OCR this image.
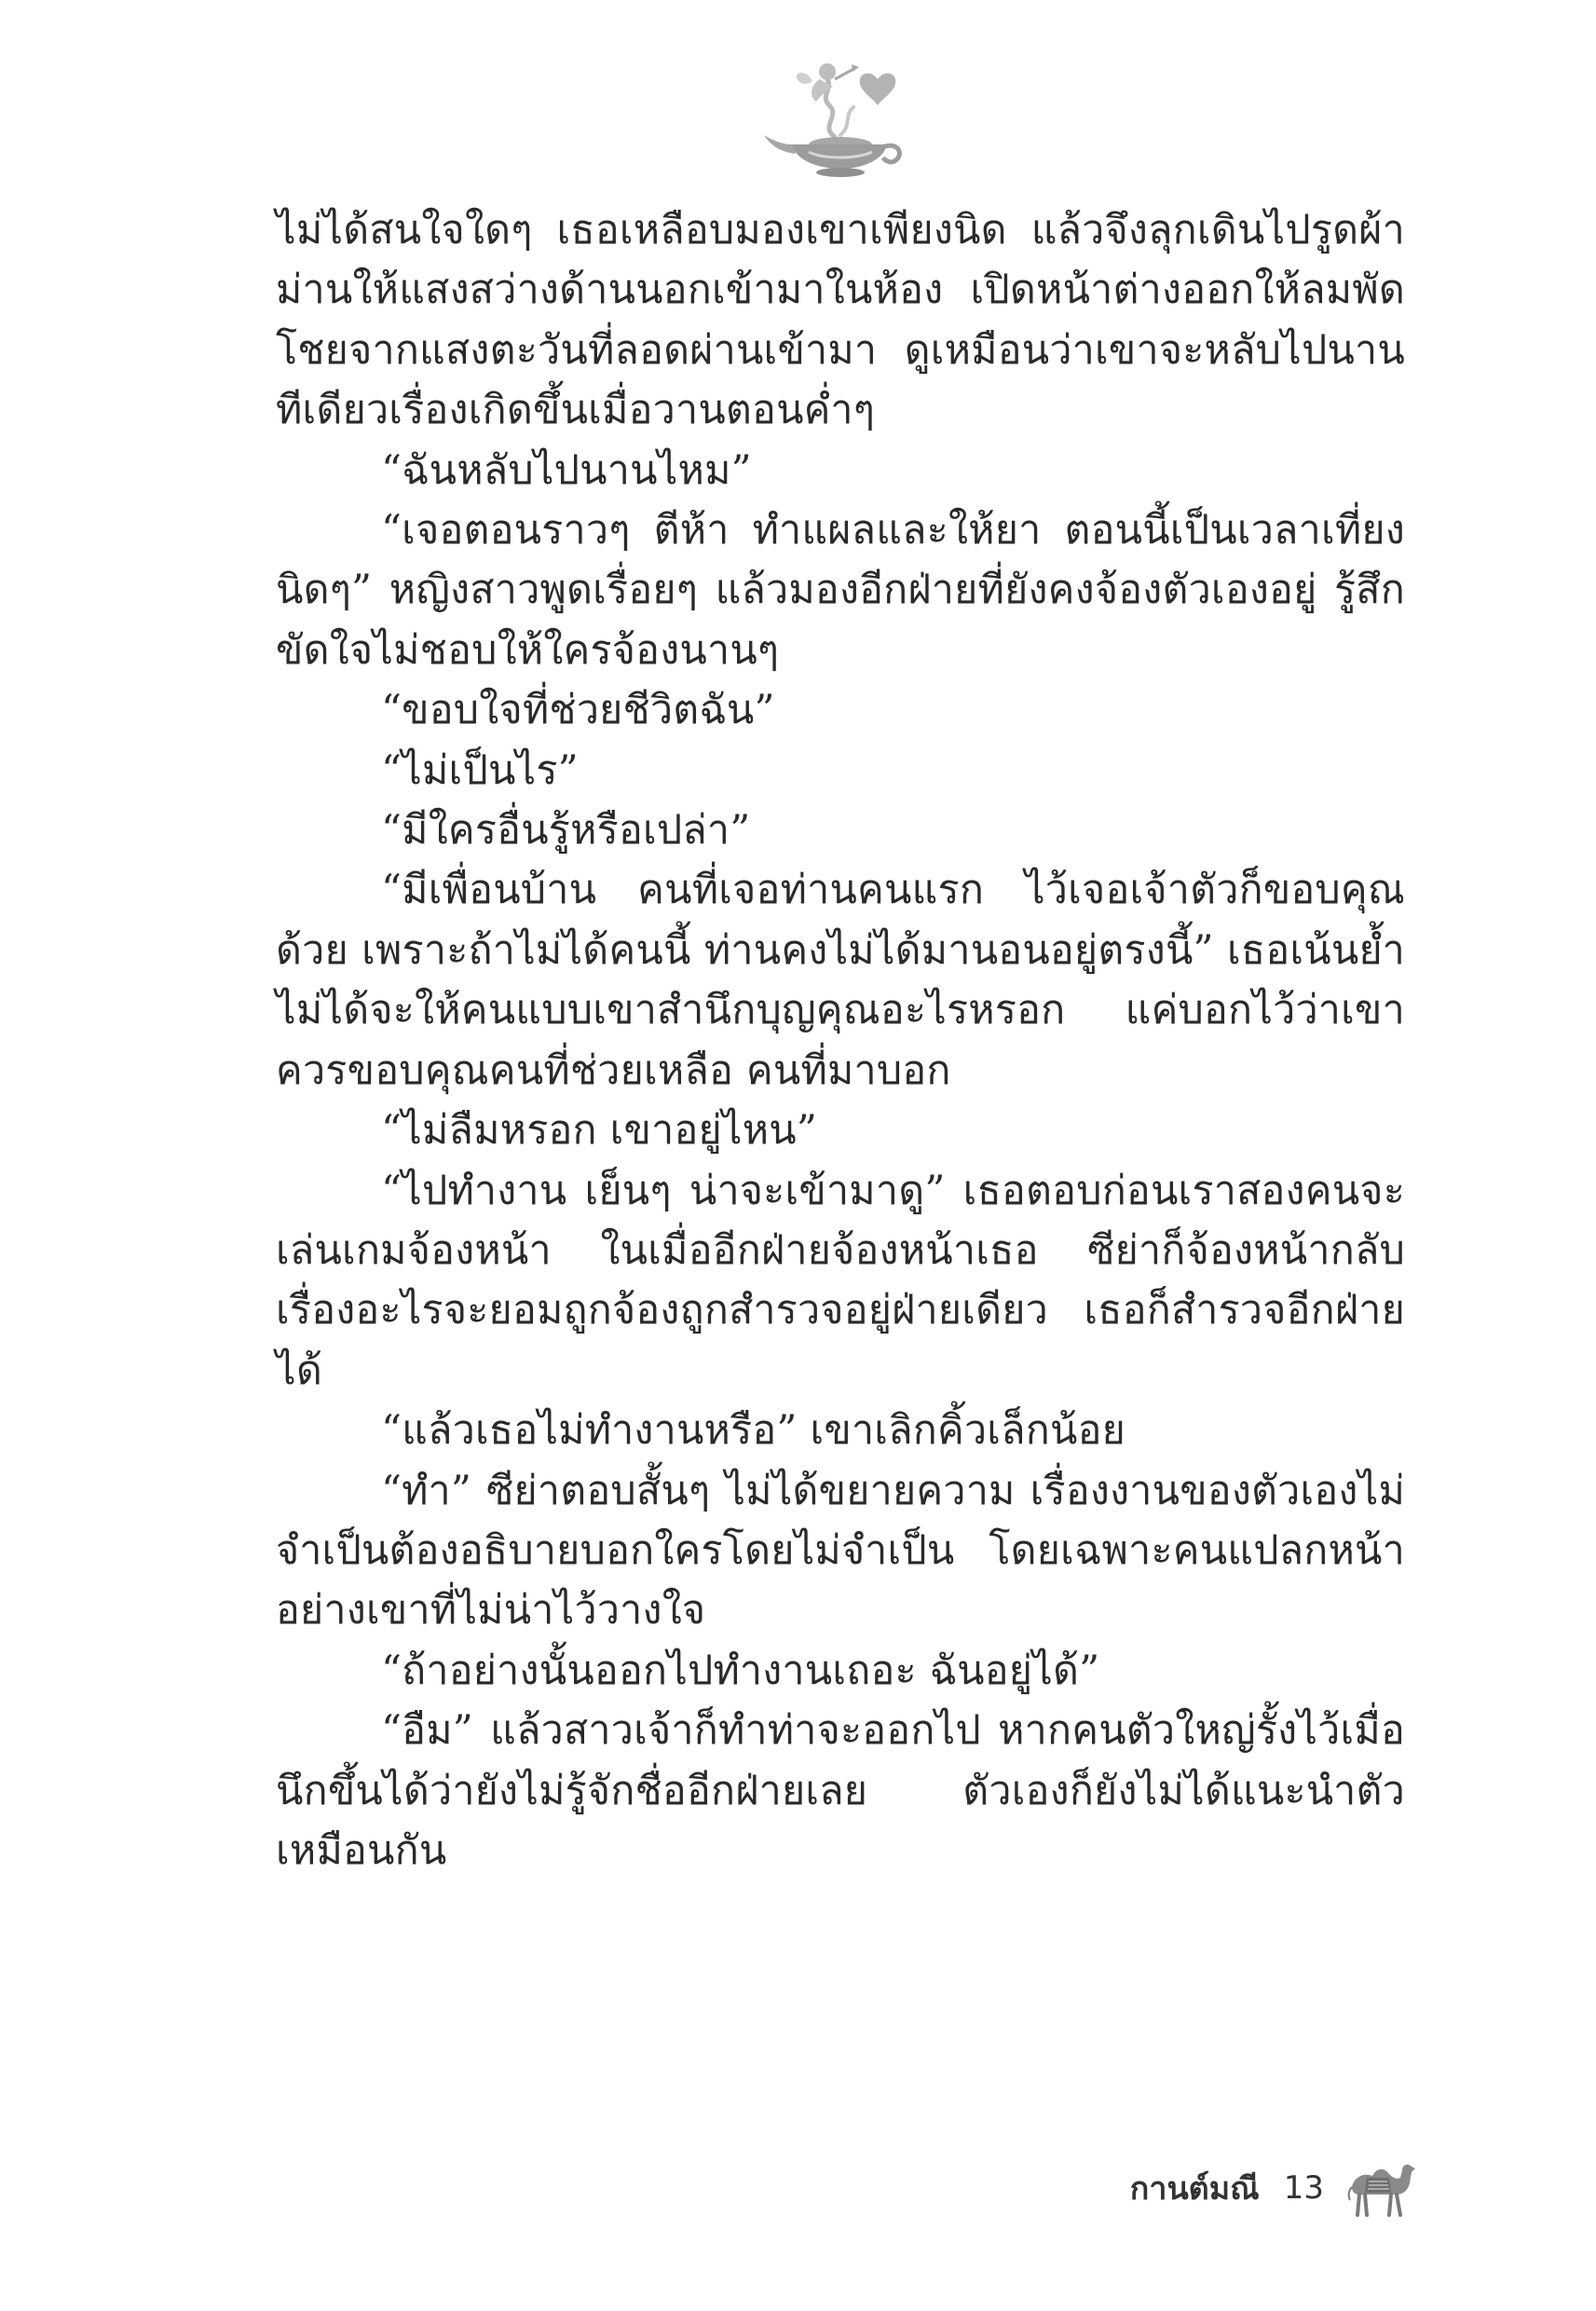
ไม่ได้สนใจใดๆ เธอเหลือบมองเขาเพียงนิด แล้วจึงลุกเดินไปรูดผ้าม่านให้แสงสว่างด้านนอกเข้ามาในห้อง เปิดหน้าต่างออกให้ลมพัดโชยจากแสงตะวันที่ลอดผ่านเข้ามา ดูเหมือนว่าเขาจะหลับไปนานทีเดียวเรื่องเกิดขึ้นเมื่อวานตอนค่ำๆ

“ฉันหลับไปนานไหม”

“เจอตอนราวๆ ตีห้า ทำแผลและให้ยา ตอนนี้เป็นเวลาเที่ยงนิดๆ” หญิงสาวพูดเรื่อยๆ แล้วมองอีกฝ่ายที่ยังคงจ้องตัวเองอยู่ รู้สึกขัดใจไม่ชอบให้ใครจ้องนานๆ

“ขอบใจที่ช่วยชีวิตฉัน”

“ไม่เป็นไร”

“มีใครอื่นรู้หรือเปล่า”

“มีเพื่อนบ้าน คนที่เจอท่านคนแรก ไว้เจอเจ้าตัวก็ขอบคุณด้วย เพราะถ้าไม่ได้คนนี้ ท่านคงไม่ได้มานอนอยู่ตรงนี้” เธอเน้นย้ำ ไม่ได้จะให้คนแบบเขาสำนึกบุญคุณอะไรหรอก แค่บอกไว้ว่าเขาควรขอบคุณคนที่ช่วยเหลือ คนที่มาบอก

“ไม่ลืมหรอก เขาอยู่ไหน”

“ไปทำงาน เย็นๆ น่าจะเข้ามาดู” เธอตอบก่อนเราสองคนจะเล่นเกมจ้องหน้า ในเมื่ออีกฝ่ายจ้องหน้าเธอ ซีย่าก็จ้องหน้ากลับ เรื่องอะไรจะยอมถูกจ้องถูกสำรวจอยู่ฝ่ายเดียว เธอก็สำรวจอีกฝ่ายได้

“แล้วเธอไม่ทำงานหรือ” เขาเลิกคิ้วเล็กน้อย

“ทำ” ซีย่าตอบสั้นๆ ไม่ได้ขยายความ เรื่องงานของตัวเองไม่จำเป็นต้องอธิบายบอกใครโดยไม่จำเป็น โดยเฉพาะคนแปลกหน้าอย่างเขาที่ไม่น่าไว้วางใจ

“ถ้าอย่างนั้นออกไปทำงานเถอะ ฉันอยู่ได้”

“อืม” แล้วสาวเจ้าก็ทำท่าจะออกไป หากคนตัวใหญ่รั้งไว้เมื่อนึกขึ้นได้ว่ายังไม่รู้จักชื่ออีกฝ่ายเลย ตัวเองก็ยังไม่ได้แนะนำตัวเหมือนกัน

กานต์มณี 13
